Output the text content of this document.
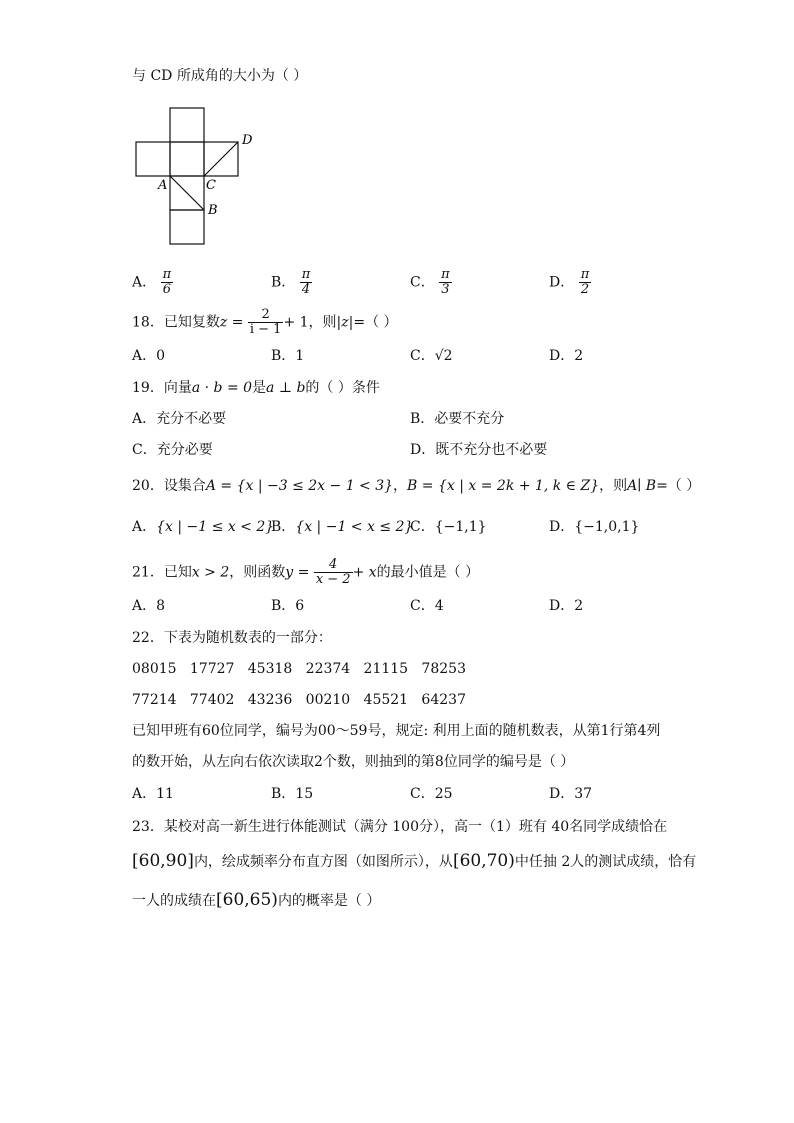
与 CD 所成角的大小为（ ）
D
A	C
B
A． $\frac{\pi}{6}$	B． $\frac{\pi}{4}$	C． $\frac{\pi}{3}$	D． $\frac{\pi}{2}$
18．已知复数$z = \frac{2}{i - 1} + 1$，则|z|=（ ）
A．0	B．1	C．√2	D．2
19．向量a · b = 0是a ⊥ b的（ ）条件
A．充分不必要	B．必要不充分
C．充分必要	D．既不充分也不必要
20．设集合A = {x | −3 ≤ 2x − 1 < 3}，B = {x | x = 2k + 1, k ∈ Z}，则A∣ B=（ ）
A．{x | −1 ≤ x < 2}
B．{x | −1 < x ≤ 2}
C．{−1,1}	D．{−1,0,1}
21．已知x > 2，则函数$y = \frac{4}{x - 2} + x$的最小值是（ ）
A．8	B．6	C．4	D．2
22．下表为随机数表的一部分：
08015   17727   45318   22374   21115   78253
77214   77402   43236   00210   45521   64237
已知甲班有60位同学，编号为00～59号，规定: 利用上面的随机数表，从第1行第4列
的数开始，从左向右依次读取2个数，则抽到的第8位同学的编号是（ ）
A．11	B．15	C．25	D．37
23．某校对高一新生进行体能测试（满分 100分），高一（1）班有 40名同学成绩恰在
[60,90]内，绘成频率分布直方图（如图所示），从[60,70)中任抽 2人的测试成绩，恰有
一人的成绩在[60,65)内的概率是（ ）
